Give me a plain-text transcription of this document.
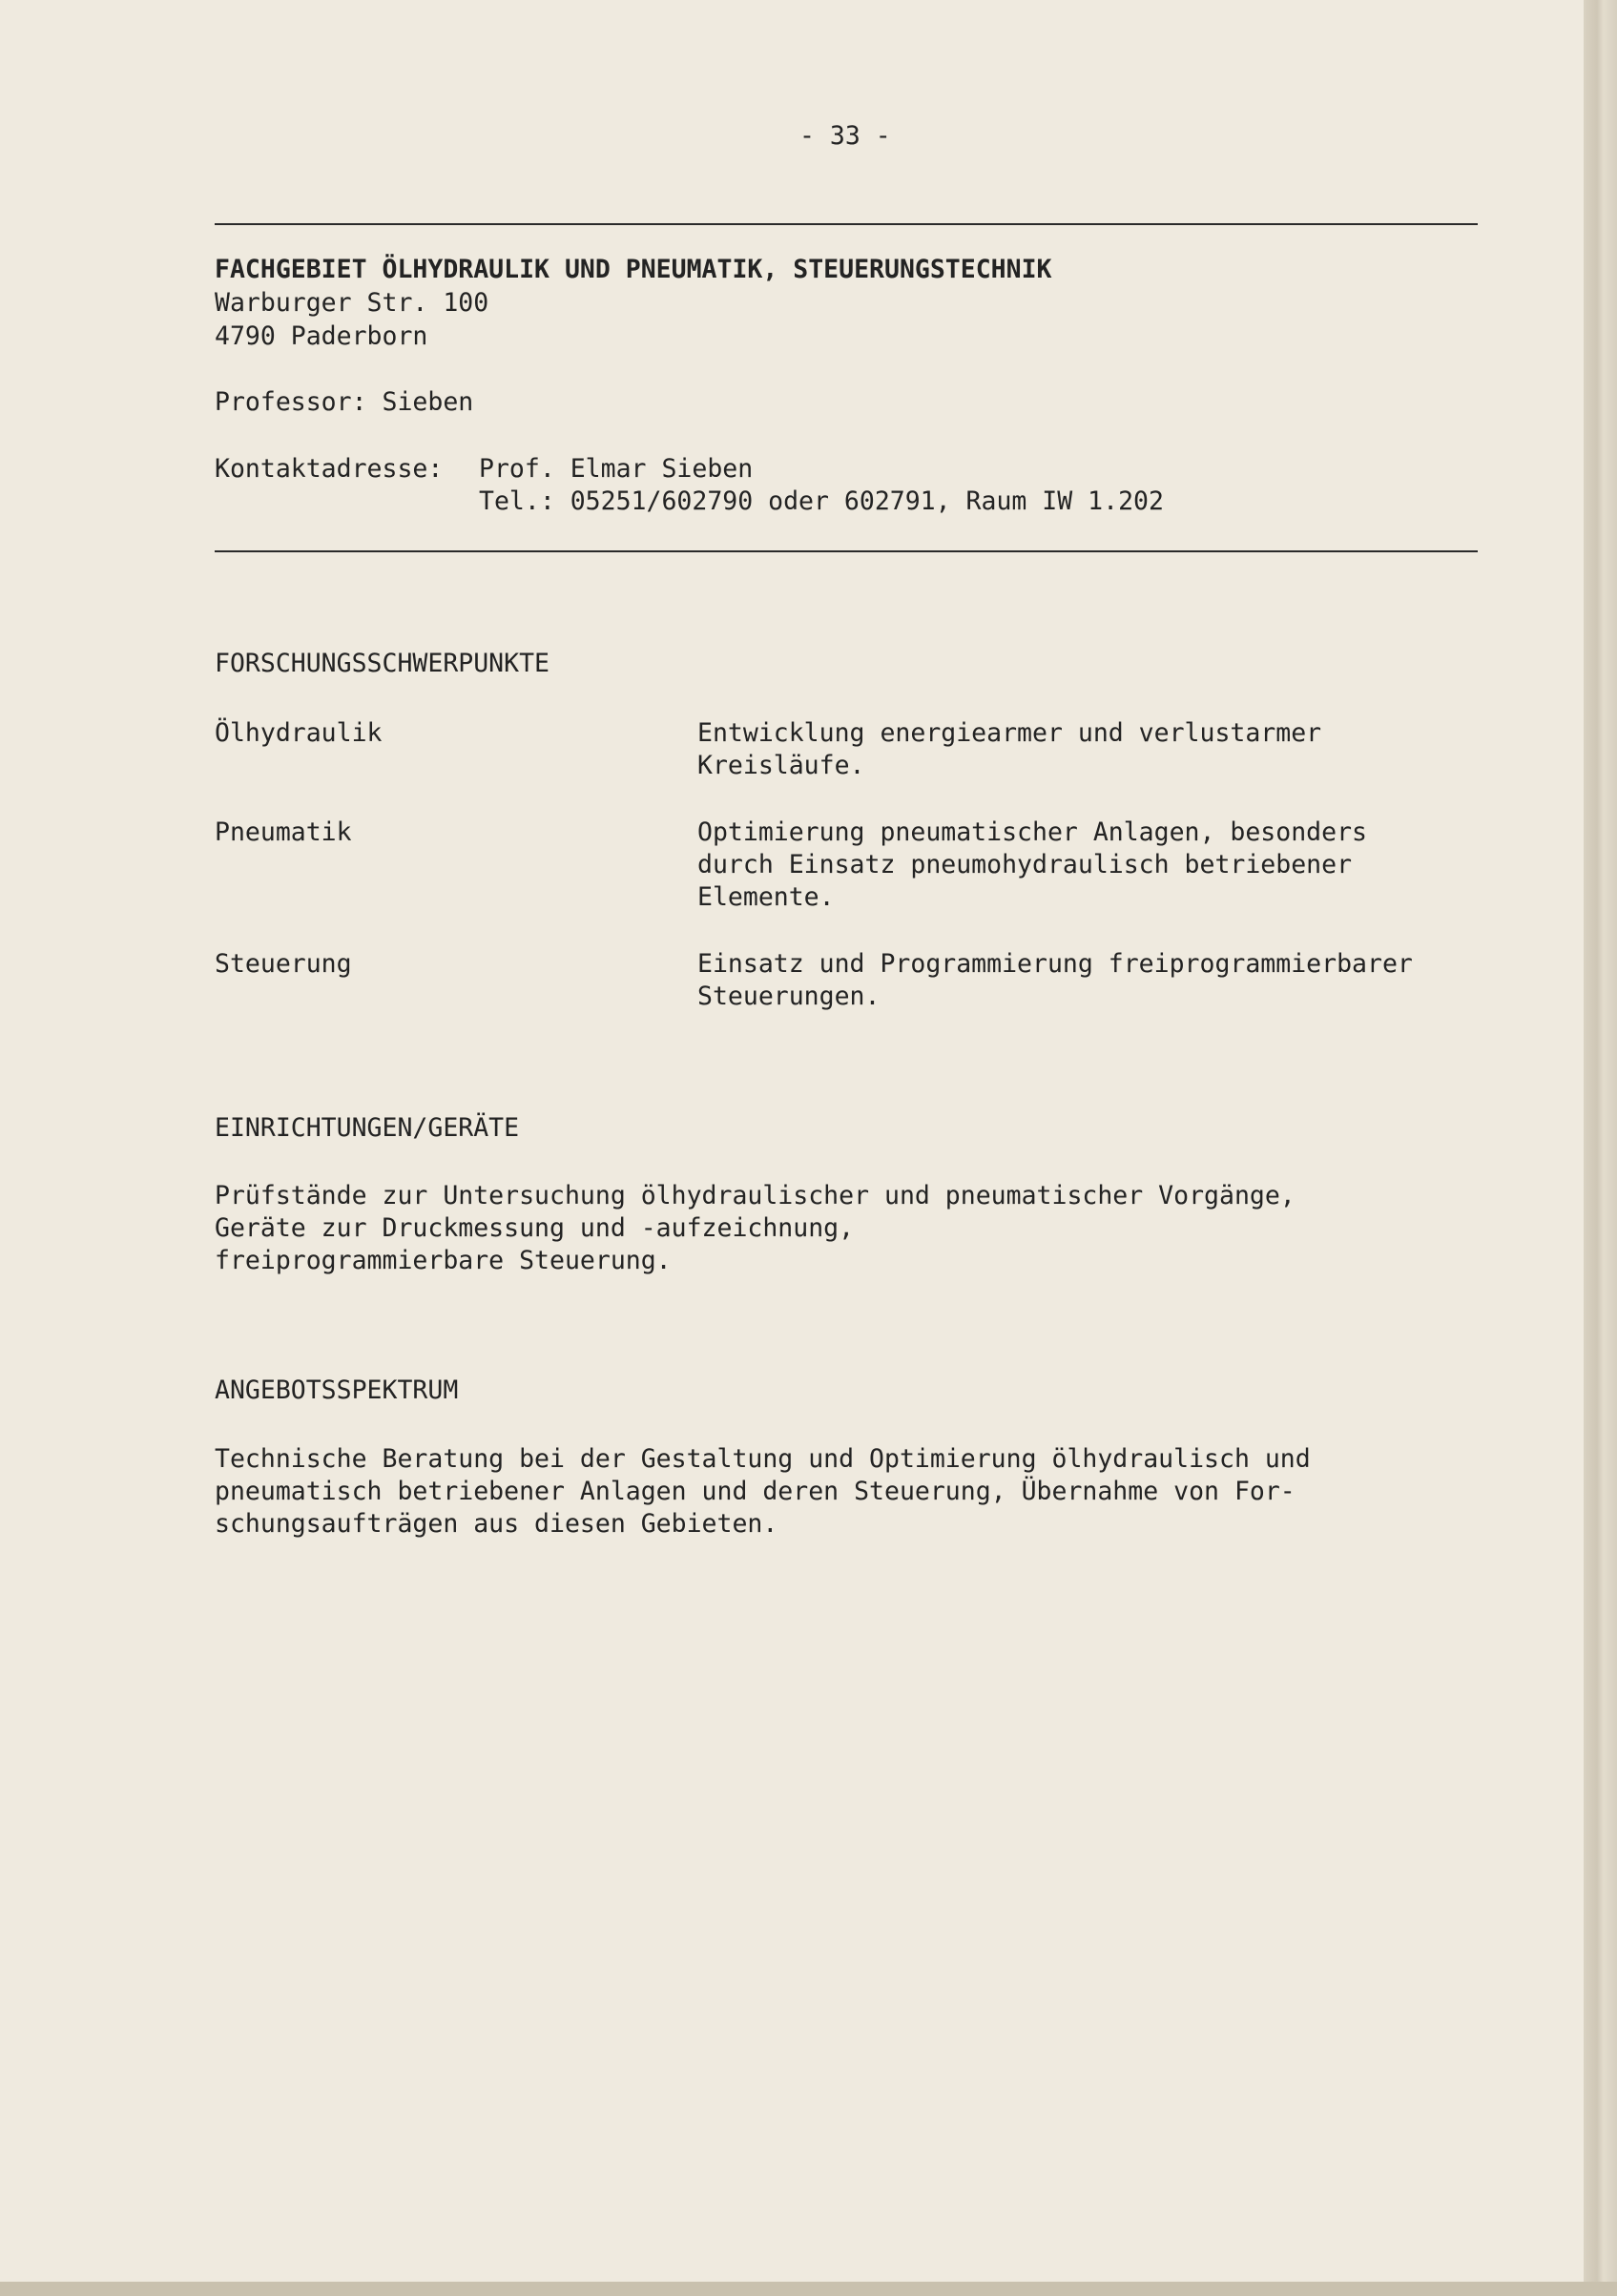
- 33 -
FACHGEBIET ÖLHYDRAULIK UND PNEUMATIK, STEUERUNGSTECHNIK
Warburger Str. 100
4790 Paderborn
Professor: Sieben
Kontaktadresse: Prof. Elmar Sieben
Tel.: 05251/602790 oder 602791, Raum IW 1.202
FORSCHUNGSSCHWERPUNKTE
Ölhydraulik	Entwicklung energiearmer und verlustarmer
Kreisläufe.
Pneumatik	Optimierung pneumatischer Anlagen, besonders
durch Einsatz pneumohydraulisch betriebener
Elemente.
Steuerung	Einsatz und Programmierung freiprogrammierbarer
Steuerungen.
EINRICHTUNGEN/GERÄTE
Prüfstände zur Untersuchung ölhydraulischer und pneumatischer Vorgänge,
Geräte zur Druckmessung und -aufzeichnung,
freiprogrammierbare Steuerung.
ANGEBOTSSPEKTRUM
Technische Beratung bei der Gestaltung und Optimierung ölhydraulisch und
pneumatisch betriebener Anlagen und deren Steuerung, Übernahme von For-
schungsaufträgen aus diesen Gebieten.
